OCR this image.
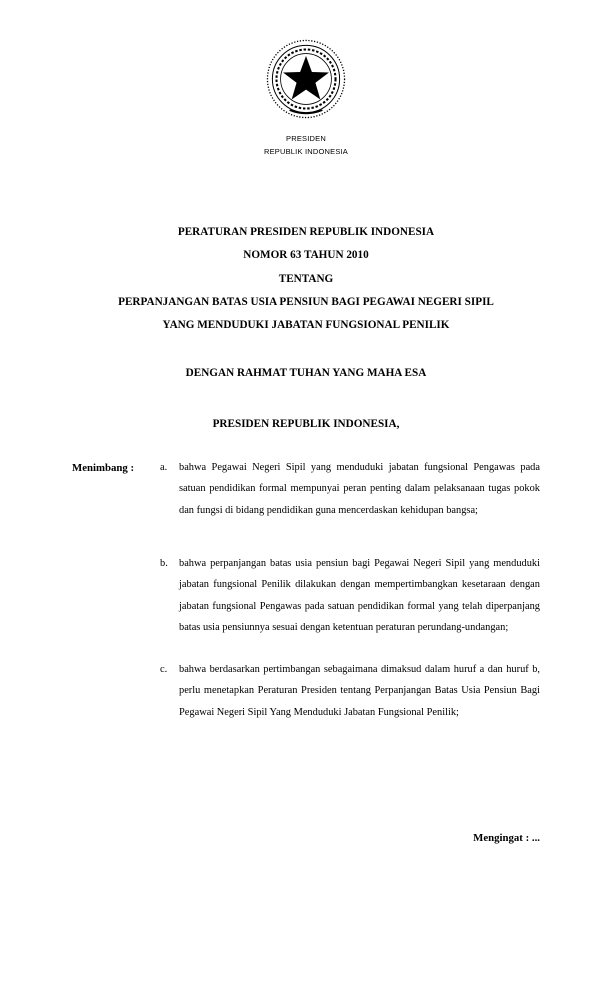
PRESIDEN
REPUBLIK INDONESIA
PERATURAN PRESIDEN REPUBLIK INDONESIA
NOMOR 63 TAHUN 2010
TENTANG
PERPANJANGAN BATAS USIA PENSIUN BAGI PEGAWAI NEGERI SIPIL
YANG MENDUDUKI JABATAN FUNGSIONAL PENILIK
DENGAN RAHMAT TUHAN YANG MAHA ESA
PRESIDEN REPUBLIK INDONESIA,
Menimbang : a. bahwa Pegawai Negeri Sipil yang menduduki jabatan fungsional Pengawas pada satuan pendidikan formal mempunyai peran penting dalam pelaksanaan tugas pokok dan fungsi di bidang pendidikan guna mencerdaskan kehidupan bangsa;
b. bahwa perpanjangan batas usia pensiun bagi Pegawai Negeri Sipil yang menduduki jabatan fungsional Penilik dilakukan dengan mempertimbangkan kesetaraan dengan jabatan fungsional Pengawas pada satuan pendidikan formal yang telah diperpanjang batas usia pensiunnya sesuai dengan ketentuan peraturan perundang-undangan;
c. bahwa berdasarkan pertimbangan sebagaimana dimaksud dalam huruf a dan huruf b, perlu menetapkan Peraturan Presiden tentang Perpanjangan Batas Usia Pensiun Bagi Pegawai Negeri Sipil Yang Menduduki Jabatan Fungsional Penilik;
Mengingat : ...
